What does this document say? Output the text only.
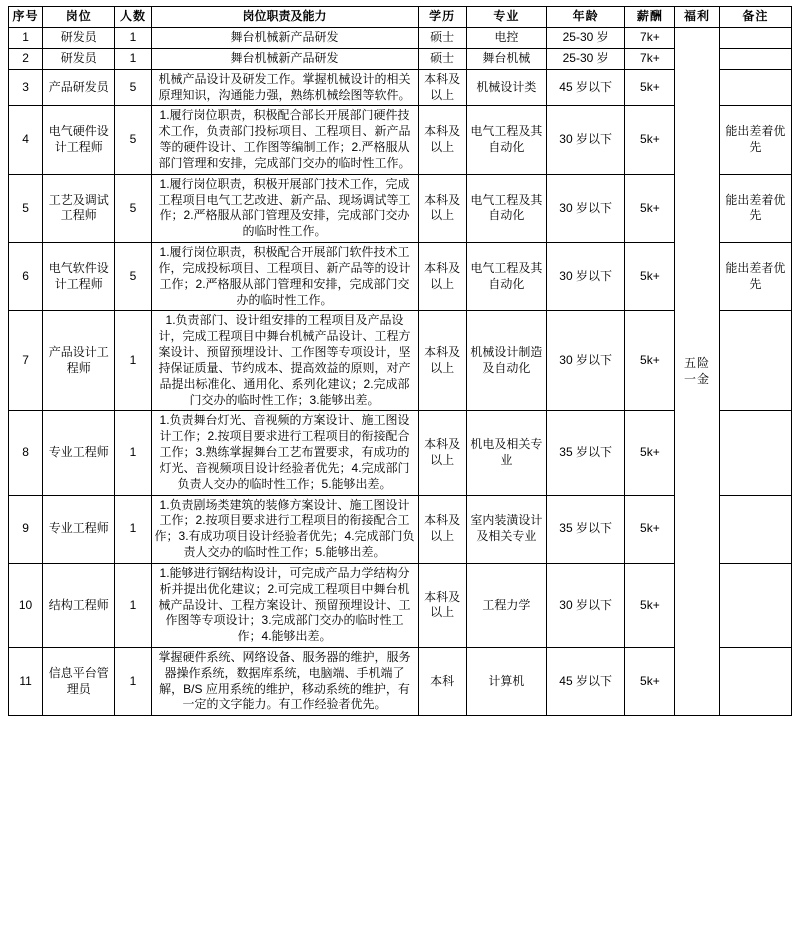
序号	岗位	人数	岗位职责及能力	学历	专业	年龄	薪酬	福利	备注
1	研发员	1	舞台机械新产品研发	硕士	电控	25-30 岁	7k+	五险一金	
2	研发员	1	舞台机械新产品研发	硕士	舞台机械	25-30 岁	7k+		
3	产品研发员	5	机械产品设计及研发工作。掌握机械设计的相关原理知识，沟通能力强，熟练机械绘图等软件。	本科及以上	机械设计类	45 岁以下	5k+		
4	电气硬件设计工程师	5	1.履行岗位职责，积极配合部长开展部门硬件技术工作，负责部门投标项目、工程项目、新产品等的硬件设计、工作图等编制工作；2.严格服从部门管理和安排，完成部门交办的临时性工作。	本科及以上	电气工程及其自动化	30 岁以下	5k+		能出差着优先
5	工艺及调试工程师	5	1.履行岗位职责，积极开展部门技术工作，完成工程项目电气工艺改进、新产品、现场调试等工作；2.严格服从部门管理及安排，完成部门交办的临时性工作。	本科及以上	电气工程及其自动化	30 岁以下	5k+		能出差着优先
6	电气软件设计工程师	5	1.履行岗位职责，积极配合开展部门软件技术工作，完成投标项目、工程项目、新产品等的设计工作；2.严格服从部门管理和安排，完成部门交办的临时性工作。	本科及以上	电气工程及其自动化	30 岁以下	5k+		能出差者优先
7	产品设计工程师	1	1.负责部门、设计组安排的工程项目及产品设计，完成工程项目中舞台机械产品设计、工程方案设计、预留预埋设计、工作图等专项设计，坚持保证质量、节约成本、提高效益的原则，对产品提出标准化、通用化、系列化建议；2.完成部门交办的临时性工作；3.能够出差。	本科及以上	机械设计制造及自动化	30 岁以下	5k+		
8	专业工程师	1	1.负责舞台灯光、音视频的方案设计、施工图设计工作；2.按项目要求进行工程项目的衔接配合工作；3.熟练掌握舞台工艺布置要求，有成功的灯光、音视频项目设计经验者优先；4.完成部门负责人交办的临时性工作；5.能够出差。	本科及以上	机电及相关专业	35 岁以下	5k+		
9	专业工程师	1	1.负责剧场类建筑的装修方案设计、施工图设计工作；2.按项目要求进行工程项目的衔接配合工作；3.有成功项目设计经验者优先；4.完成部门负责人交办的临时性工作；5.能够出差。	本科及以上	室内装潢设计及相关专业	35 岁以下	5k+		
10	结构工程师	1	1.能够进行钢结构设计，可完成产品力学结构分析并提出优化建议；2.可完成工程项目中舞台机械产品设计、工程方案设计、预留预埋设计、工作图等专项设计；3.完成部门交办的临时性工作；4.能够出差。	本科及以上	工程力学	30 岁以下	5k+		
11	信息平台管理员	1	掌握硬件系统、网络设备、服务器的维护，服务器操作系统，数据库系统，电脑端、手机端了解，B/S 应用系统的维护，移动系统的维护，有一定的文字能力。有工作经验者优先。	本科	计算机	45 岁以下	5k+		
